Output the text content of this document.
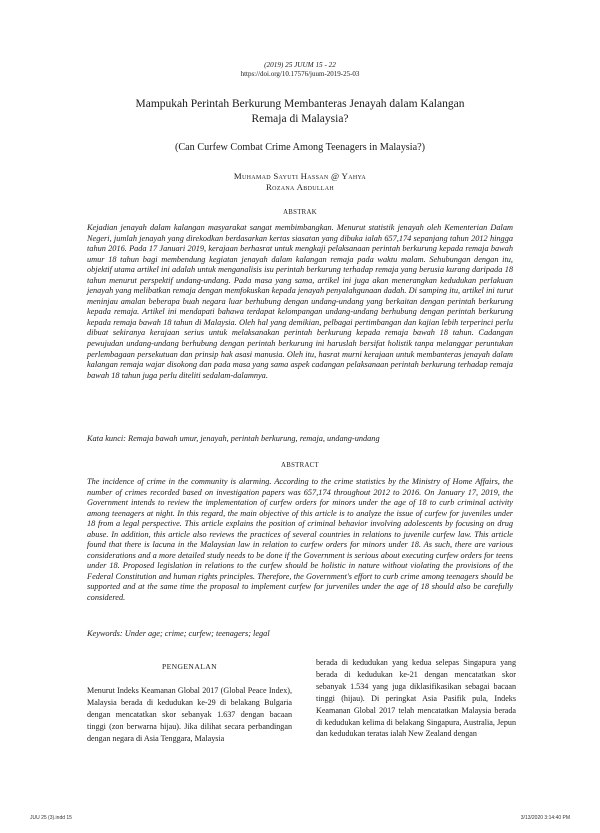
(2019) 25 JUUM 15 - 22
https://doi.org/10.17576/juum-2019-25-03
Mampukah Perintah Berkurung Membanteras Jenayah dalam Kalangan
Remaja di Malaysia?
(Can Curfew Combat Crime Among Teenagers in Malaysia?)
Muhamad Sayuti Hassan @ Yahya
Rozana Abdullah
ABSTRAK

Kejadian jenayah dalam kalangan masyarakat sangat membimbangkan. Menurut statistik jenayah oleh Kementerian Dalam Negeri, jumlah jenayah yang direkodkan berdasarkan kertas siasatan yang dibuka ialah 657,174 sepanjang tahun 2012 hingga tahun 2016. Pada 17 Januari 2019, kerajaan berhasrat untuk mengkaji pelaksanaan perintah berkurung kepada remaja bawah umur 18 tahun bagi membendung kegiatan jenayah dalam kalangan remaja pada waktu malam. Sehubungan dengan itu, objektif utama artikel ini adalah untuk menganalisis isu perintah berkurung terhadap remaja yang berusia kurang daripada 18 tahun menurut perspektif undang-undang. Pada masa yang sama, artikel ini juga akan menerangkan kedudukan perlakuan jenayah yang melibatkan remaja dengan memfokuskan kepada jenayah penyalahgunaan dadah. Di samping itu, artikel ini turut meninjau amalan beberapa buah negara luar berhubung dengan undang-undang yang berkaitan dengan perintah berkurung kepada remaja. Artikel ini mendapati bahawa terdapat kelompangan undang-undang berhubung dengan perintah berkurung kepada remaja bawah 18 tahun di Malaysia. Oleh hal yang demikian, pelbagai pertimbangan dan kajian lebih terperinci perlu dibuat sekiranya kerajaan serius untuk melaksanakan perintah berkurung kepada remaja bawah 18 tahun. Cadangan pewujudan undang-undang berhubung dengan perintah berkurung ini haruslah bersifat holistik tanpa melanggar peruntukan perlembagaan persekutuan dan prinsip hak asasi manusia. Oleh itu, hasrat murni kerajaan untuk membanteras jenayah dalam kalangan remaja wajar disokong dan pada masa yang sama aspek cadangan pelaksanaan perintah berkurung terhadap remaja bawah 18 tahun juga perlu diteliti sedalam-dalamnya.

Kata kunci: Remaja bawah umur, jenayah, perintah berkurung, remaja, undang-undang

ABSTRACT

The incidence of crime in the community is alarming. According to the crime statistics by the Ministry of Home Affairs, the number of crimes recorded based on investigation papers was 657,174 throughout 2012 to 2016. On January 17, 2019, the Government intends to review the implementation of curfew orders for minors under the age of 18 to curb criminal activity among teenagers at night. In this regard, the main objective of this article is to analyze the issue of curfew for juveniles under 18 from a legal perspective. This article explains the position of criminal behavior involving adolescents by focusing on drug abuse. In addition, this article also reviews the practices of several countries in relations to juvenile curfew law. This article found that there is lacuna in the Malaysian law in relation to curfew orders for minors under 18. As such, there are various considerations and a more detailed study needs to be done if the Government is serious about executing curfew orders for teens under 18. Proposed legislation in relations to the curfew should be holistic in nature without violating the provisions of the Federal Constitution and human rights principles. Therefore, the Government's effort to curb crime among teenagers should be supported and at the same time the proposal to implement curfew for jurveniles under the age of 18 should also be carefully considered.

Keywords: Under age; crime; curfew; teenagers; legal

PENGENALAN

Menurut Indeks Keamanan Global 2017 (Global Peace Index), Malaysia berada di kedudukan ke-29 di belakang Bulgaria dengan mencatatkan skor sebanyak 1.637 dengan bacaan tinggi (zon berwarna hijau). Jika dilihat secara perbandingan dengan negara di Asia Tenggara, Malaysia

berada di kedudukan yang kedua selepas Singapura yang berada di kedudukan ke-21 dengan mencatatkan skor sebanyak 1.534 yang juga diklasifikasikan sebagai bacaan tinggi (hijau). Di peringkat Asia Pasifik pula, Indeks Keamanan Global 2017 telah mencatatkan Malaysia berada di kedudukan kelima di belakang Singapura, Australia, Jepun dan kedudukan teratas ialah New Zealand dengan

JUU 25 (3).indd 15	3/13/2020 3:14:40 PM
